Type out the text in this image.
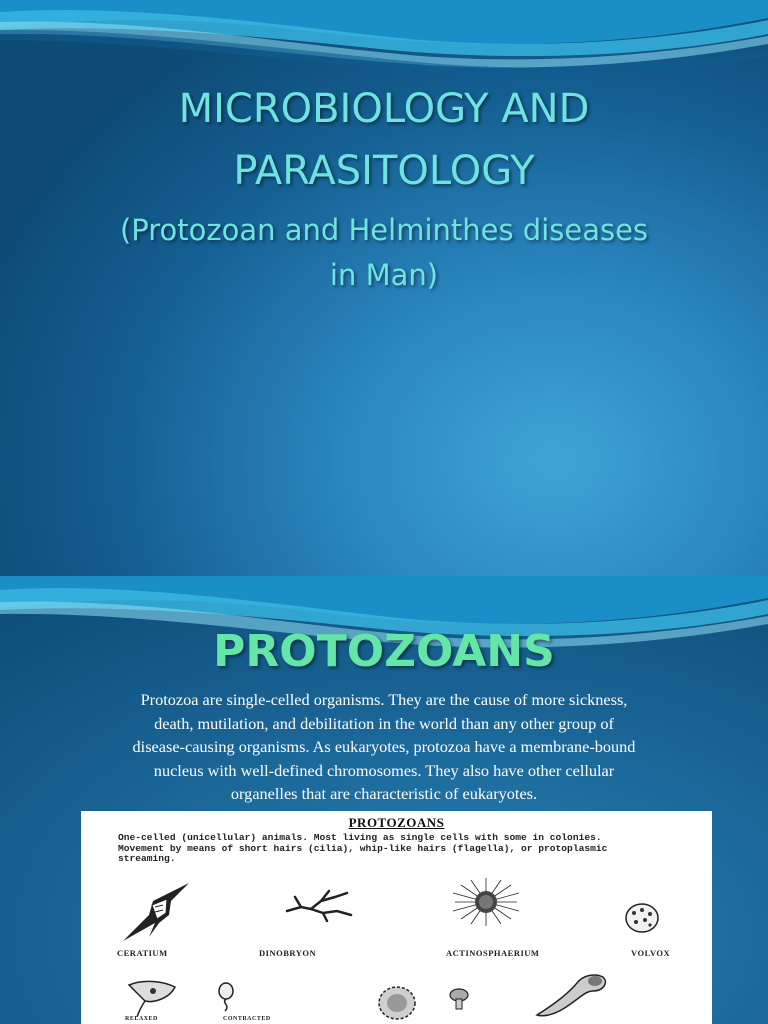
MICROBIOLOGY AND
PARASITOLOGY
(Protozoan and Helminthes diseases
in Man)
PROTOZOANS
Protozoa are single-celled organisms. They are the cause of more sickness,
death, mutilation, and debilitation in the world than any other group of
disease-causing organisms. As eukaryotes, protozoa have a membrane-bound
nucleus with well-defined chromosomes. They also have other cellular
organelles that are characteristic of eukaryotes.
PROTOZOANS
One-celled (unicellular) animals. Most living as single cells with some in colonies.
Movement by means of short hairs (cilia), whip-like hairs (flagella), or protoplasmic
streaming.
CERATIUM	DINOBRYON	ACTINOSPHAERIUM	VOLVOX
RELAXED	CONTRACTED
